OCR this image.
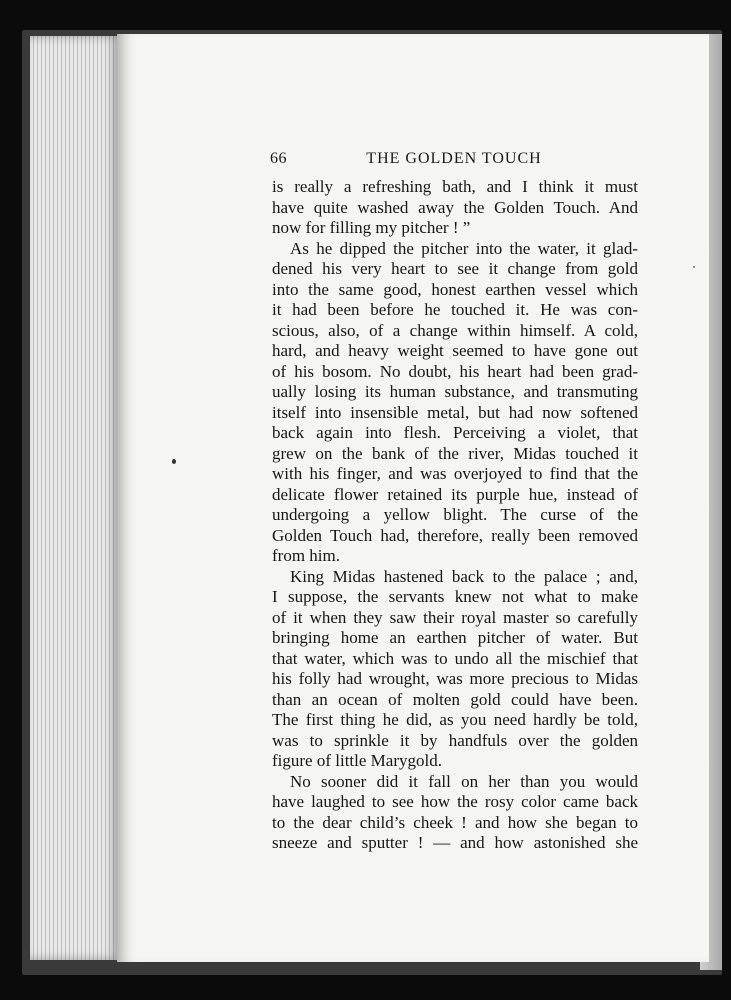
66	THE GOLDEN TOUCH
is really a refreshing bath, and I think it must
have quite washed away the Golden Touch. And
now for filling my pitcher ! ”
As he dipped the pitcher into the water, it glad-
dened his very heart to see it change from gold
into the same good, honest earthen vessel which
it had been before he touched it. He was con-
scious, also, of a change within himself. A cold,
hard, and heavy weight seemed to have gone out
of his bosom. No doubt, his heart had been grad-
ually losing its human substance, and transmuting
itself into insensible metal, but had now softened
back again into flesh. Perceiving a violet, that
grew on the bank of the river, Midas touched it
with his finger, and was overjoyed to find that the
delicate flower retained its purple hue, instead of
undergoing a yellow blight. The curse of the
Golden Touch had, therefore, really been removed
from him.
King Midas hastened back to the palace ; and,
I suppose, the servants knew not what to make
of it when they saw their royal master so carefully
bringing home an earthen pitcher of water. But
that water, which was to undo all the mischief that
his folly had wrought, was more precious to Midas
than an ocean of molten gold could have been.
The first thing he did, as you need hardly be told,
was to sprinkle it by handfuls over the golden
figure of little Marygold.
No sooner did it fall on her than you would
have laughed to see how the rosy color came back
to the dear child’s cheek ! and how she began to
sneeze and sputter ! — and how astonished she
